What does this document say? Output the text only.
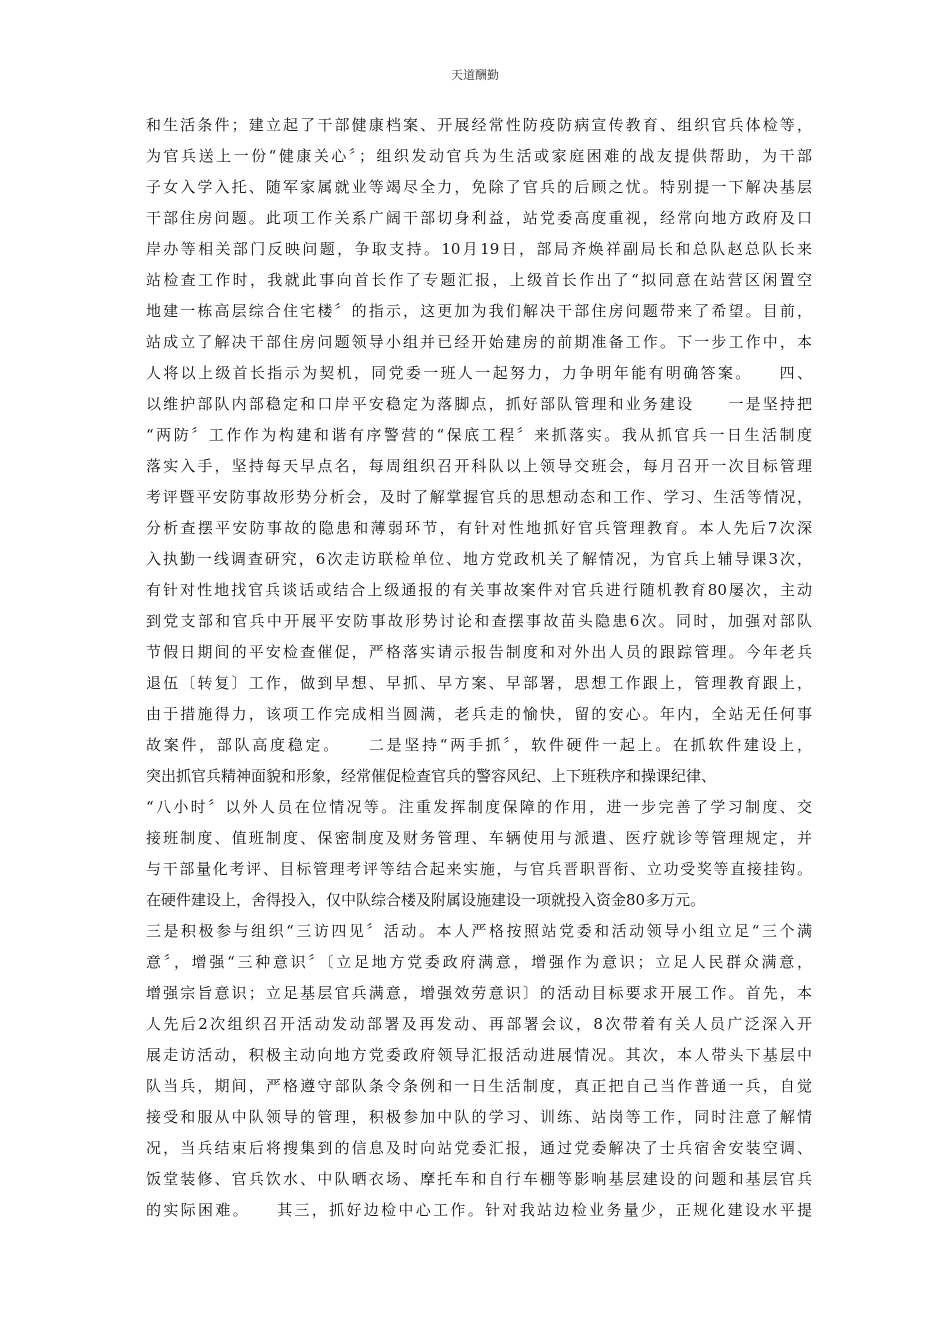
天道酬勤
和生活条件；建立起了干部健康档案、开展经常性防疫防病宣传教育、组织官兵体检等，
为官兵送上一份“健康关心〞；组织发动官兵为生活或家庭困难的战友提供帮助，为干部
子女入学入托、随军家属就业等竭尽全力，免除了官兵的后顾之忧。特别提一下解决基层
干部住房问题。此项工作关系广阔干部切身利益，站党委高度重视，经常向地方政府及口
岸办等相关部门反映问题，争取支持。10月19日，部局齐焕祥副局长和总队赵总队长来
站检查工作时，我就此事向首长作了专题汇报，上级首长作出了“拟同意在站营区闲置空
地建一栋高层综合住宅楼〞的指示，这更加为我们解决干部住房问题带来了希望。目前，
站成立了解决干部住房问题领导小组并已经开始建房的前期准备工作。下一步工作中，本
人将以上级首长指示为契机，同党委一班人一起努力，力争明年能有明确答案。　　四、
以维护部队内部稳定和口岸平安稳定为落脚点，抓好部队管理和业务建设　　一是坚持把
“两防〞工作作为构建和谐有序警营的“保底工程〞来抓落实。我从抓官兵一日生活制度
落实入手，坚持每天早点名，每周组织召开科队以上领导交班会，每月召开一次目标管理
考评暨平安防事故形势分析会，及时了解掌握官兵的思想动态和工作、学习、生活等情况，
分析查摆平安防事故的隐患和薄弱环节，有针对性地抓好官兵管理教育。本人先后7次深
入执勤一线调查研究，6次走访联检单位、地方党政机关了解情况，为官兵上辅导课3次，
有针对性地找官兵谈话或结合上级通报的有关事故案件对官兵进行随机教育80屡次，主动
到党支部和官兵中开展平安防事故形势讨论和查摆事故苗头隐患6次。同时，加强对部队
节假日期间的平安检查催促，严格落实请示报告制度和对外出人员的跟踪管理。今年老兵
退伍〔转复〕工作，做到早想、早抓、早方案、早部署，思想工作跟上，管理教育跟上，
由于措施得力，该项工作完成相当圆满，老兵走的愉快，留的安心。年内，全站无任何事
故案件，部队高度稳定。　　二是坚持“两手抓〞，软件硬件一起上。在抓软件建设上，
突出抓官兵精神面貌和形象，经常催促检查官兵的警容风纪、上下班秩序和操课纪律、
“八小时〞以外人员在位情况等。注重发挥制度保障的作用，进一步完善了学习制度、交
接班制度、值班制度、保密制度及财务管理、车辆使用与派遣、医疗就诊等管理规定，并
与干部量化考评、目标管理考评等结合起来实施，与官兵晋职晋衔、立功受奖等直接挂钩。
在硬件建设上，舍得投入，仅中队综合楼及附属设施建设一项就投入资金80多万元。
三是积极参与组织“三访四见〞活动。本人严格按照站党委和活动领导小组立足“三个满
意〞，增强“三种意识〞〔立足地方党委政府满意，增强作为意识；立足人民群众满意，
增强宗旨意识；立足基层官兵满意，增强效劳意识〕的活动目标要求开展工作。首先，本
人先后2次组织召开活动发动部署及再发动、再部署会议，8次带着有关人员广泛深入开
展走访活动，积极主动向地方党委政府领导汇报活动进展情况。其次，本人带头下基层中
队当兵，期间，严格遵守部队条令条例和一日生活制度，真正把自己当作普通一兵，自觉
接受和服从中队领导的管理，积极参加中队的学习、训练、站岗等工作，同时注意了解情
况，当兵结束后将搜集到的信息及时向站党委汇报，通过党委解决了士兵宿舍安装空调、
饭堂装修、官兵饮水、中队晒衣场、摩托车和自行车棚等影响基层建设的问题和基层官兵
的实际困难。　　其三，抓好边检中心工作。针对我站边检业务量少，正规化建设水平提
